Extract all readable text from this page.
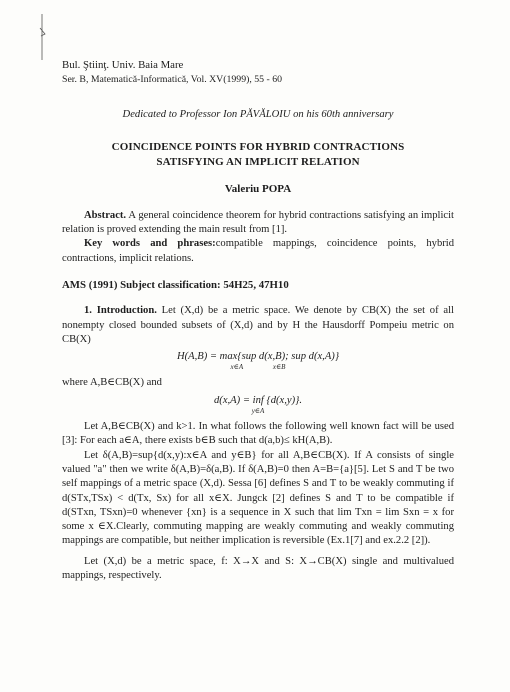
Bul. Ştiinţ. Univ. Baia Mare

Ser. B, Matematică-Informatică, Vol. XV(1999), 55 - 60

Dedicated to Professor Ion PĂVĂLOIU on his 60th anniversary

COINCIDENCE POINTS FOR HYBRID CONTRACTIONS

SATISFYING AN IMPLICIT RELATION

Valeriu POPA

Abstract. A general coincidence theorem for hybrid contractions satisfying an implicit relation is proved extending the main result from [1].

Key words and phrases:compatible mappings, coincidence points, hybrid contractions, implicit relations.

AMS (1991) Subject classification: 54H25, 47H10

1. Introduction. Let (X,d) be a metric space. We denote by CB(X) the set of all nonempty closed bounded subsets of (X,d) and by H the Hausdorff Pompeiu metric on CB(X)

H(A,B) = max{sup d(x,B); sup d(x,A)}
x∈A	x∈B

where A,B∈CB(X) and

d(x,A) = inf {d(x,y)}.
y∈A

Let A,B∈CB(X) and k>1. In what follows the following well known fact will be used [3]: For each a∈A, there exists b∈B such that d(a,b)≤ kH(A,B).

Let δ(A,B)=sup{d(x,y):x∈A and y∈B} for all A,B∈CB(X). If A consists of single valued "a" then we write δ(A,B)=δ(a,B). If δ(A,B)=0 then A=B={a}[5]. Let S and T be two self mappings of a metric space (X,d). Sessa [6] defines S and T to be weakly commuting if d(STx,TSx) < d(Tx, Sx) for all x∈X. Jungck [2] defines S and T to be compatible if d(STxn, TSxn)=0 whenever {xn} is a sequence in X such that lim Txn = lim Sxn = x for some x ∈X.Clearly, commuting mapping are weakly commuting and weakly commuting mappings are compatible, but neither implication is reversible (Ex.1[7] and ex.2.2 [2]).

Let (X,d) be a metric space, f: X→X and S: X→CB(X) single and multivalued mappings, respectively.
